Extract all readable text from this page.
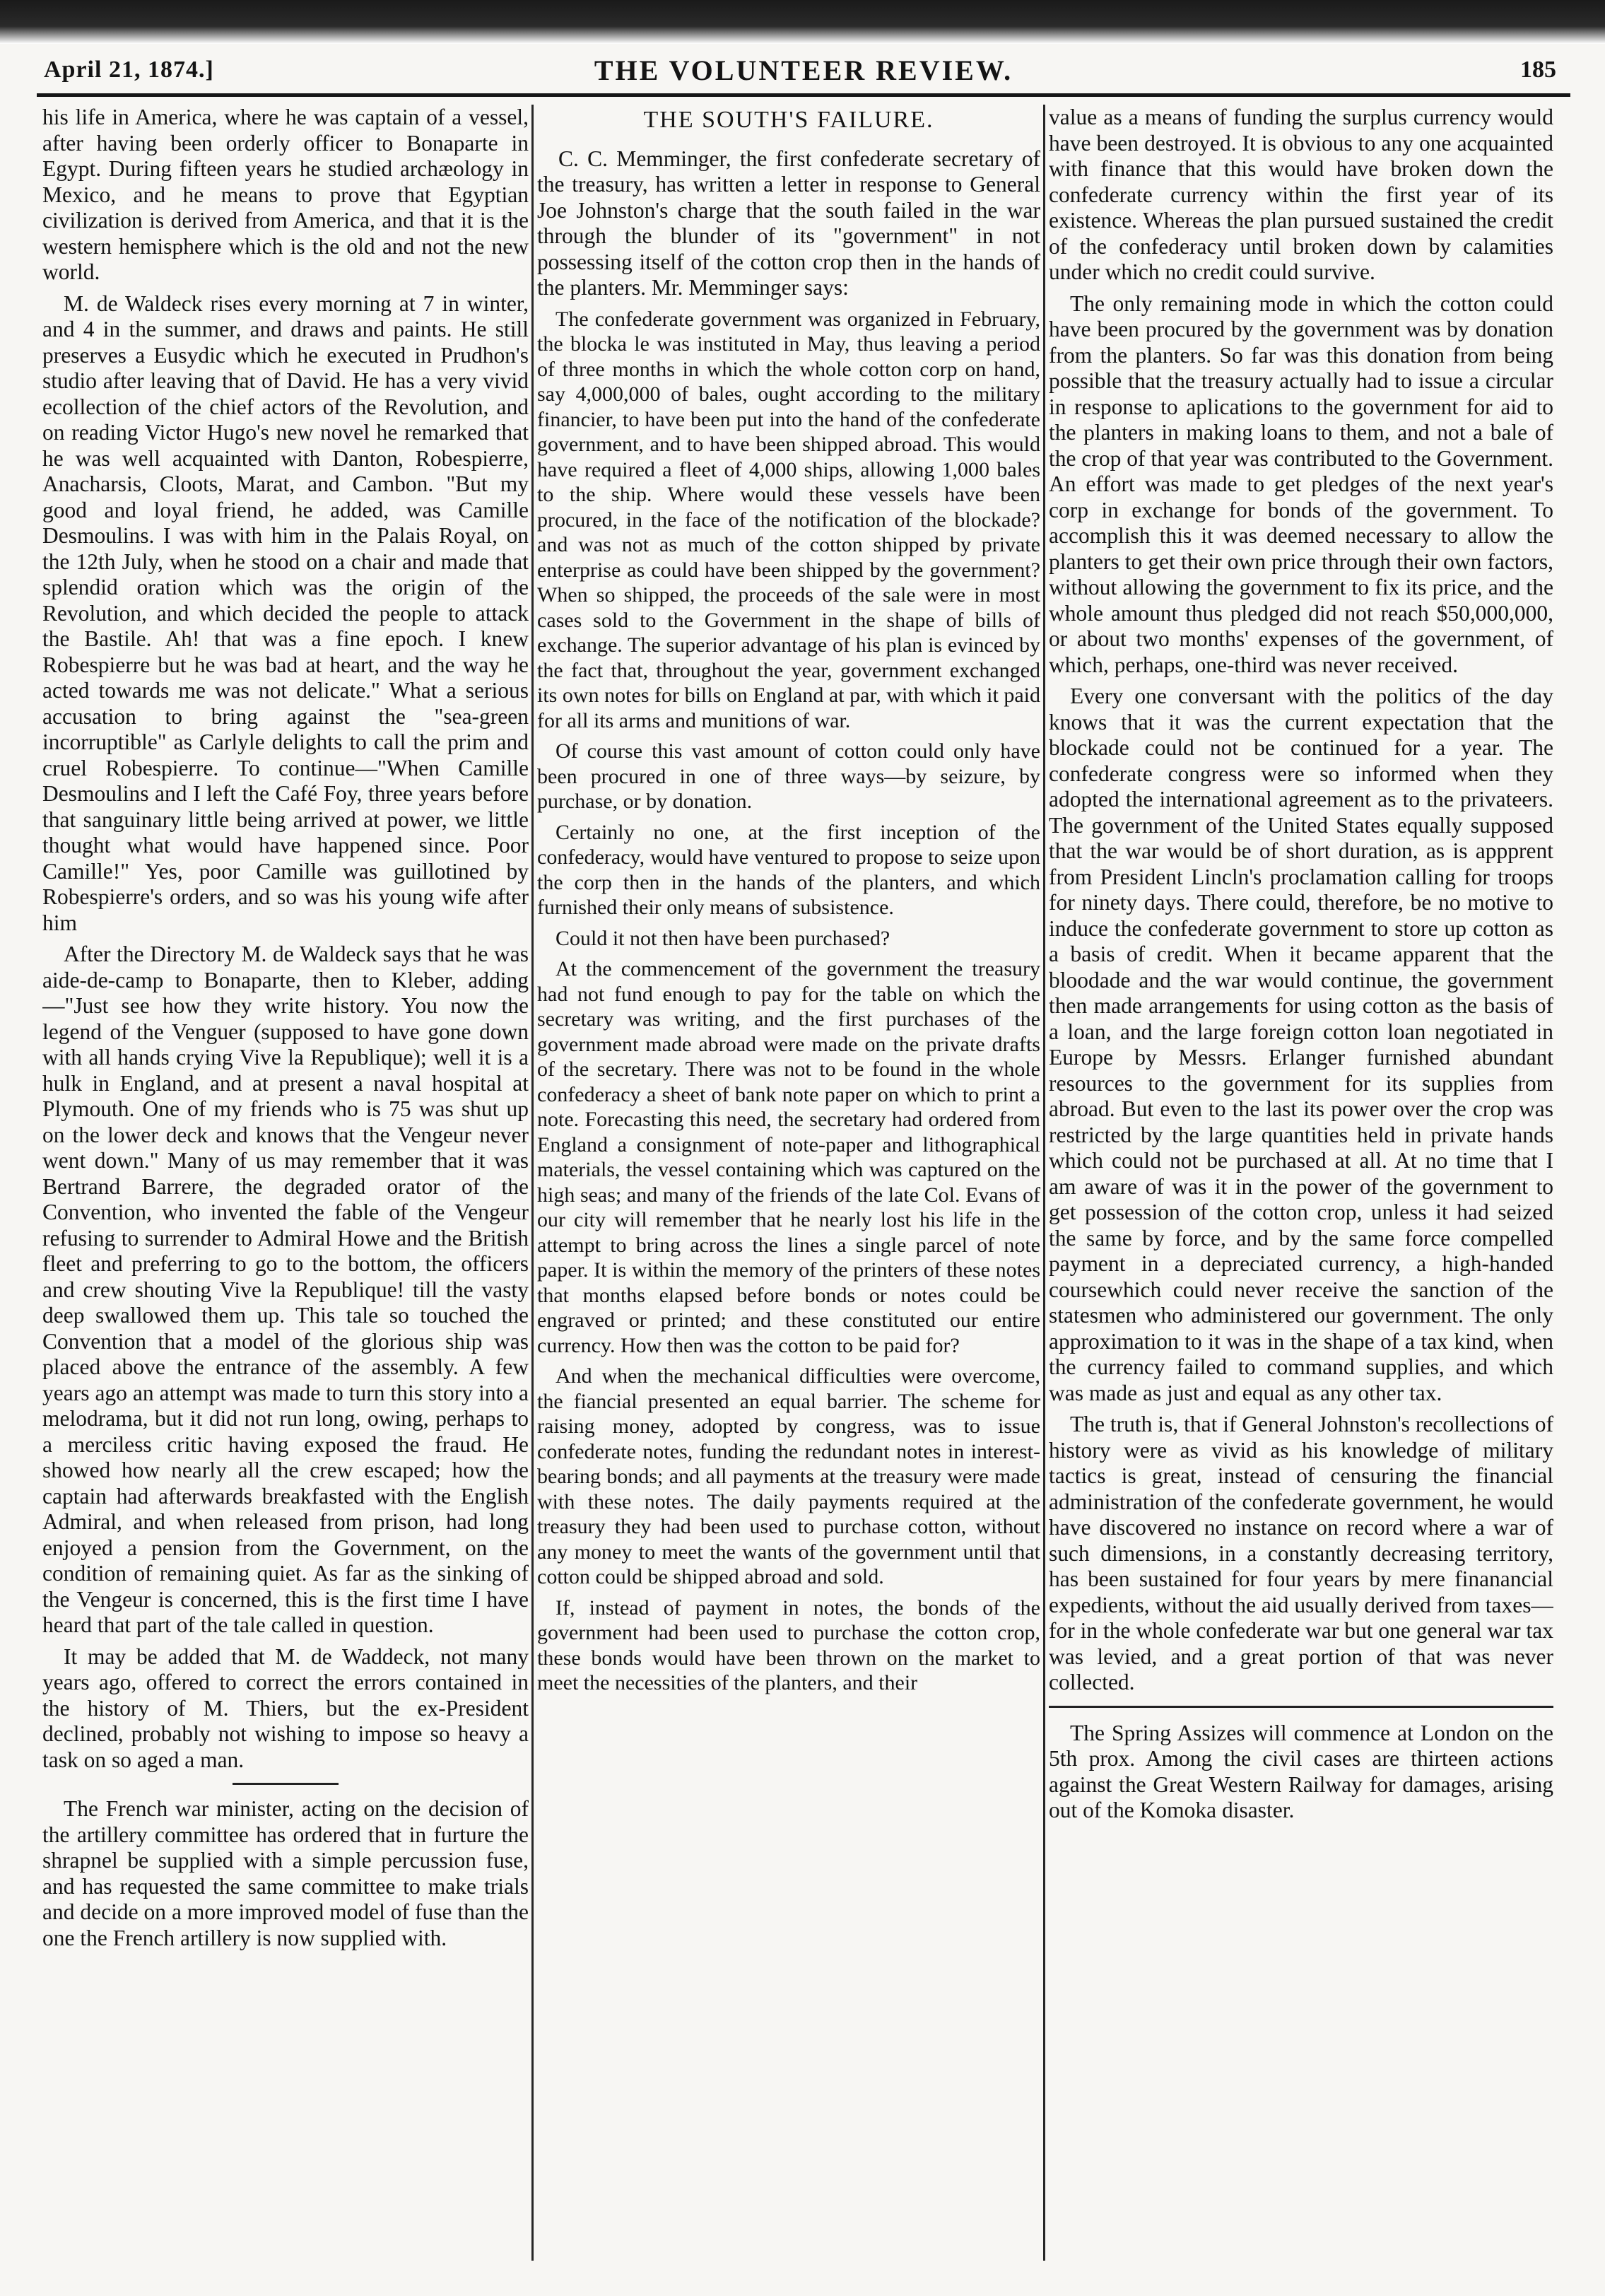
April 21, 1874.]	THE VOLUNTEER REVIEW.	185

his life in America, where he was captain of a vessel, after having been orderly officer to Bonaparte in Egypt. During fifteen years he studied archæology in Mexico, and he means to prove that Egyptian civilization is derived from America, and that it is the western hemisphere which is the old and not the new world.

M. de Waldeck rises every morning at 7 in winter, and 4 in the summer, and draws and paints. He still preserves a Eusydic which he executed in Prudhon's studio after leaving that of David. He has a very vivid ecollection of the chief actors of the Revolution, and on reading Victor Hugo's new novel he remarked that he was well acquainted with Danton, Robespierre, Anacharsis, Cloots, Marat, and Cambon. "But my good and loyal friend, he added, was Camille Desmoulins. I was with him in the Palais Royal, on the 12th July, when he stood on a chair and made that splendid oration which was the origin of the Revolution, and which decided the people to attack the Bastile. Ah! that was a fine epoch. I knew Robespierre but he was bad at heart, and the way he acted towards me was not delicate." What a serious accusation to bring against the "sea-green incorruptible" as Carlyle delights to call the prim and cruel Robespierre. To continue—"When Camille Desmoulins and I left the Café Foy, three years before that sanguinary little being arrived at power, we little thought what would have happened since. Poor Camille!" Yes, poor Camille was guillotined by Robespierre's orders, and so was his young wife after him

After the Directory M. de Waldeck says that he was aide-de-camp to Bonaparte, then to Kleber, adding—"Just see how they write history. You now the legend of the Venguer (supposed to have gone down with all hands crying Vive la Republique); well it is a hulk in England, and at present a naval hospital at Plymouth. One of my friends who is 75 was shut up on the lower deck and knows that the Vengeur never went down." Many of us may remember that it was Bertrand Barrere, the degraded orator of the Convention, who invented the fable of the Vengeur refusing to surrender to Admiral Howe and the British fleet and preferring to go to the bottom, the officers and crew shouting Vive la Republique! till the vasty deep swallowed them up. This tale so touched the Convention that a model of the glorious ship was placed above the entrance of the assembly. A few years ago an attempt was made to turn this story into a melodrama, but it did not run long, owing, perhaps to a merciless critic having exposed the fraud. He showed how nearly all the crew escaped; how the captain had afterwards breakfasted with the English Admiral, and when released from prison, had long enjoyed a pension from the Government, on the condition of remaining quiet. As far as the sinking of the Vengeur is concerned, this is the first time I have heard that part of the tale called in question.

It may be added that M. de Waddeck, not many years ago, offered to correct the errors contained in the history of M. Thiers, but the ex-President declined, probably not wishing to impose so heavy a task on so aged a man.

The French war minister, acting on the decision of the artillery committee has ordered that in furture the shrapnel be supplied with a simple percussion fuse, and has requested the same committee to make trials and decide on a more improved model of fuse than the one the French artillery is now supplied with.

THE SOUTH'S FAILURE.

C. C. Memminger, the first confederate secretary of the treasury, has written a letter in response to General Joe Johnston's charge that the south failed in the war through the blunder of its "government" in not possessing itself of the cotton crop then in the hands of the planters. Mr. Memminger says:

The confederate government was organized in February, the blocka le was instituted in May, thus leaving a period of three months in which the whole cotton corp on hand, say 4,000,000 of bales, ought according to the military financier, to have been put into the hand of the confederate government, and to have been shipped abroad. This would have required a fleet of 4,000 ships, allowing 1,000 bales to the ship. Where would these vessels have been procured, in the face of the notification of the blockade? and was not as much of the cotton shipped by private enterprise as could have been shipped by the government? When so shipped, the proceeds of the sale were in most cases sold to the Government in the shape of bills of exchange. The superior advantage of his plan is evinced by the fact that, throughout the year, government exchanged its own notes for bills on England at par, with which it paid for all its arms and munitions of war.

Of course this vast amount of cotton could only have been procured in one of three ways—by seizure, by purchase, or by donation.

Certainly no one, at the first inception of the confederacy, would have ventured to propose to seize upon the corp then in the hands of the planters, and which furnished their only means of subsistence.

Could it not then have been purchased?

At the commencement of the government the treasury had not fund enough to pay for the table on which the secretary was writing, and the first purchases of the government made abroad were made on the private drafts of the secretary. There was not to be found in the whole confederacy a sheet of bank note paper on which to print a note. Forecasting this need, the secretary had ordered from England a consignment of note-paper and lithographical materials, the vessel containing which was captured on the high seas; and many of the friends of the late Col. Evans of our city will remember that he nearly lost his life in the attempt to bring across the lines a single parcel of note paper. It is within the memory of the printers of these notes that months elapsed before bonds or notes could be engraved or printed; and these constituted our entire currency. How then was the cotton to be paid for?

And when the mechanical difficulties were overcome, the fiancial presented an equal barrier. The scheme for raising money, adopted by congress, was to issue confederate notes, funding the redundant notes in interest-bearing bonds; and all payments at the treasury were made with these notes. The daily payments required at the treasury they had been used to purchase cotton, without any money to meet the wants of the government until that cotton could be shipped abroad and sold.

If, instead of payment in notes, the bonds of the government had been used to purchase the cotton crop, these bonds would have been thrown on the market to meet the necessities of the planters, and their

value as a means of funding the surplus currency would have been destroyed. It is obvious to any one acquainted with finance that this would have broken down the confederate currency within the first year of its existence. Whereas the plan pursued sustained the credit of the confederacy until broken down by calamities under which no credit could survive.

The only remaining mode in which the cotton could have been procured by the government was by donation from the planters. So far was this donation from being possible that the treasury actually had to issue a circular in response to aplications to the government for aid to the planters in making loans to them, and not a bale of the crop of that year was contributed to the Government. An effort was made to get pledges of the next year's corp in exchange for bonds of the government. To accomplish this it was deemed necessary to allow the planters to get their own price through their own factors, without allowing the government to fix its price, and the whole amount thus pledged did not reach $50,000,000, or about two months' expenses of the government, of which, perhaps, one-third was never received.

Every one conversant with the politics of the day knows that it was the current expectation that the blockade could not be continued for a year. The confederate congress were so informed when they adopted the international agreement as to the privateers. The government of the United States equally supposed that the war would be of short duration, as is appprent from President Lincln's proclamation calling for troops for ninety days. There could, therefore, be no motive to induce the confederate government to store up cotton as a basis of credit. When it became apparent that the bloodade and the war would continue, the government then made arrangements for using cotton as the basis of a loan, and the large foreign cotton loan negotiated in Europe by Messrs. Erlanger furnished abundant resources to the government for its supplies from abroad. But even to the last its power over the crop was restricted by the large quantities held in private hands which could not be purchased at all. At no time that I am aware of was it in the power of the government to get possession of the cotton crop, unless it had seized the same by force, and by the same force compelled payment in a depreciated currency, a high-handed coursewhich could never receive the sanction of the statesmen who administered our government. The only approximation to it was in the shape of a tax kind, when the currency failed to command supplies, and which was made as just and equal as any other tax.

The truth is, that if General Johnston's recollections of history were as vivid as his knowledge of military tactics is great, instead of censuring the financial administration of the confederate government, he would have discovered no instance on record where a war of such dimensions, in a constantly decreasing territory, has been sustained for four years by mere finanancial expedients, without the aid usually derived from taxes—for in the whole confederate war but one general war tax was levied, and a great portion of that was never collected.

The Spring Assizes will commence at London on the 5th prox. Among the civil cases are thirteen actions against the Great Western Railway for damages, arising out of the Komoka disaster.
